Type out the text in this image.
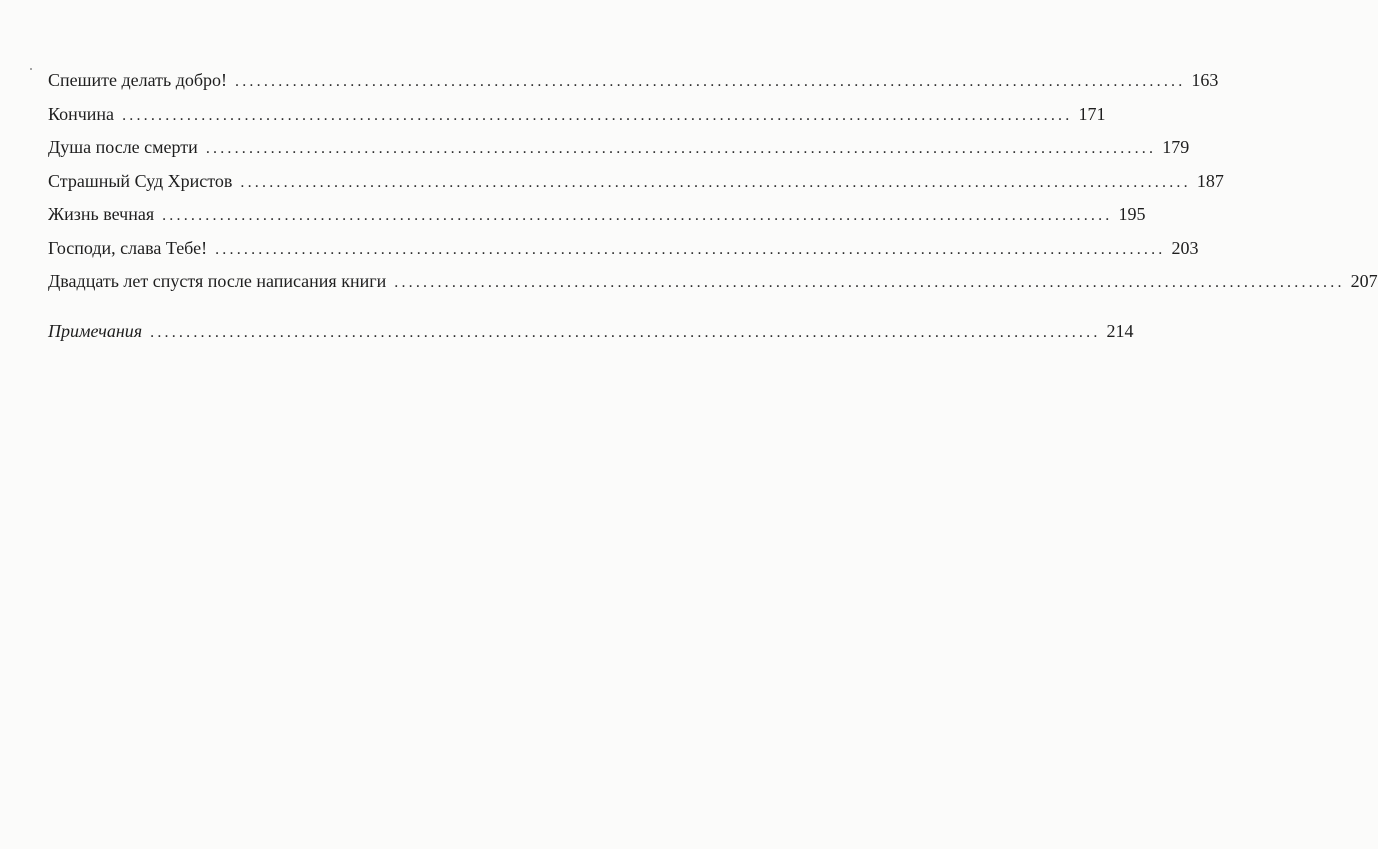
Спешите делать добро! .................................................................................................................................... 163
Кончина .................................................................................................................................... 171
Душа после смерти .................................................................................................................................... 179
Страшный Суд Христов .................................................................................................................................... 187
Жизнь вечная .................................................................................................................................... 195
Господи, слава Тебе! .................................................................................................................................... 203
Двадцать лет спустя после написания книги .................................................................................................................................... 207
Примечания .................................................................................................................................... 214
